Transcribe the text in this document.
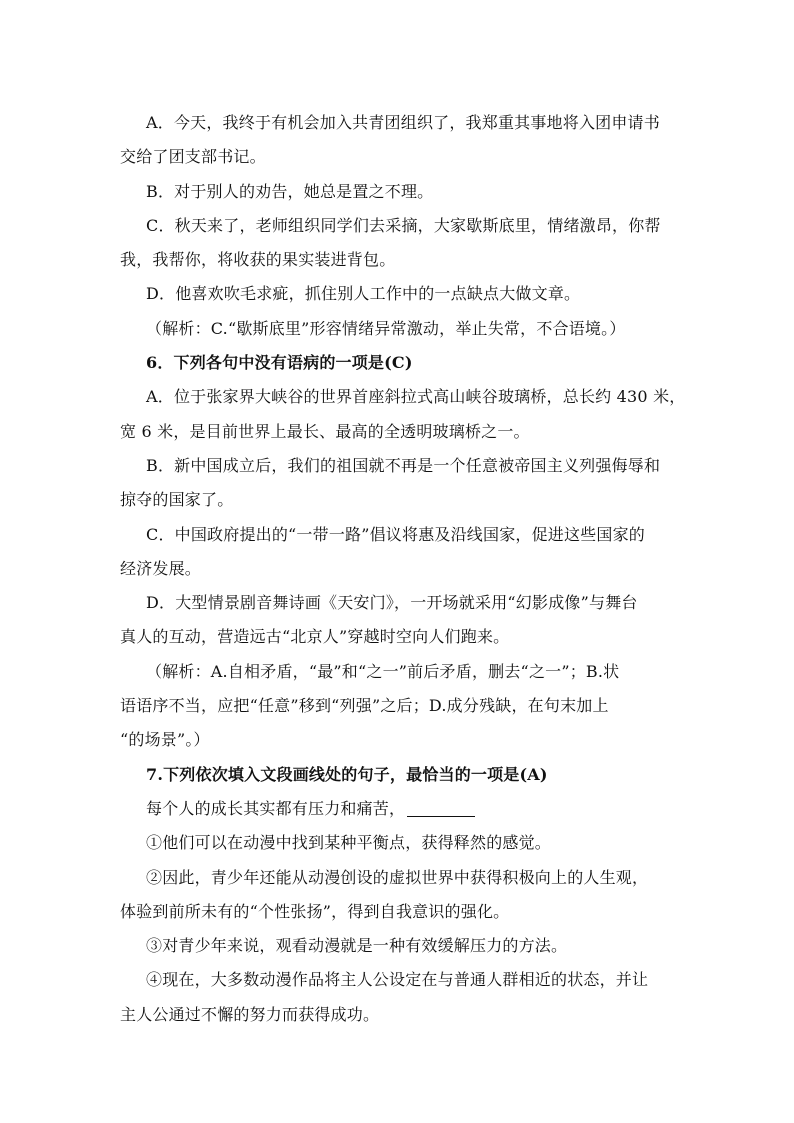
A．今天，我终于有机会加入共青团组织了，我郑重其事地将入团申请书
交给了团支部书记。
B．对于别人的劝告，她总是置之不理。
C．秋天来了，老师组织同学们去采摘，大家歇斯底里，情绪激昂，你帮
我，我帮你，将收获的果实装进背包。
D．他喜欢吹毛求疵，抓住别人工作中的一点缺点大做文章。
（解析：C.“歇斯底里”形容情绪异常激动，举止失常，不合语境。）
6．下列各句中没有语病的一项是(C)
A．位于张家界大峡谷的世界首座斜拉式高山峡谷玻璃桥，总长约 430 米，
宽 6 米，是目前世界上最长、最高的全透明玻璃桥之一。
B．新中国成立后，我们的祖国就不再是一个任意被帝国主义列强侮辱和
掠夺的国家了。
C．中国政府提出的“一带一路”倡议将惠及沿线国家，促进这些国家的
经济发展。
D．大型情景剧音舞诗画《天安门》，一开场就采用“幻影成像”与舞台
真人的互动，营造远古“北京人”穿越时空向人们跑来。
（解析：A.自相矛盾，“最”和“之一”前后矛盾，删去“之一”；B.状
语语序不当，应把“任意”移到“列强”之后；D.成分残缺，在句末加上
“的场景”。）
7.下列依次填入文段画线处的句子，最恰当的一项是(A)
每个人的成长其实都有压力和痛苦，
①他们可以在动漫中找到某种平衡点，获得释然的感觉。
②因此，青少年还能从动漫创设的虚拟世界中获得积极向上的人生观，
体验到前所未有的“个性张扬”，得到自我意识的强化。
③对青少年来说，观看动漫就是一种有效缓解压力的方法。
④现在，大多数动漫作品将主人公设定在与普通人群相近的状态，并让
主人公通过不懈的努力而获得成功。
